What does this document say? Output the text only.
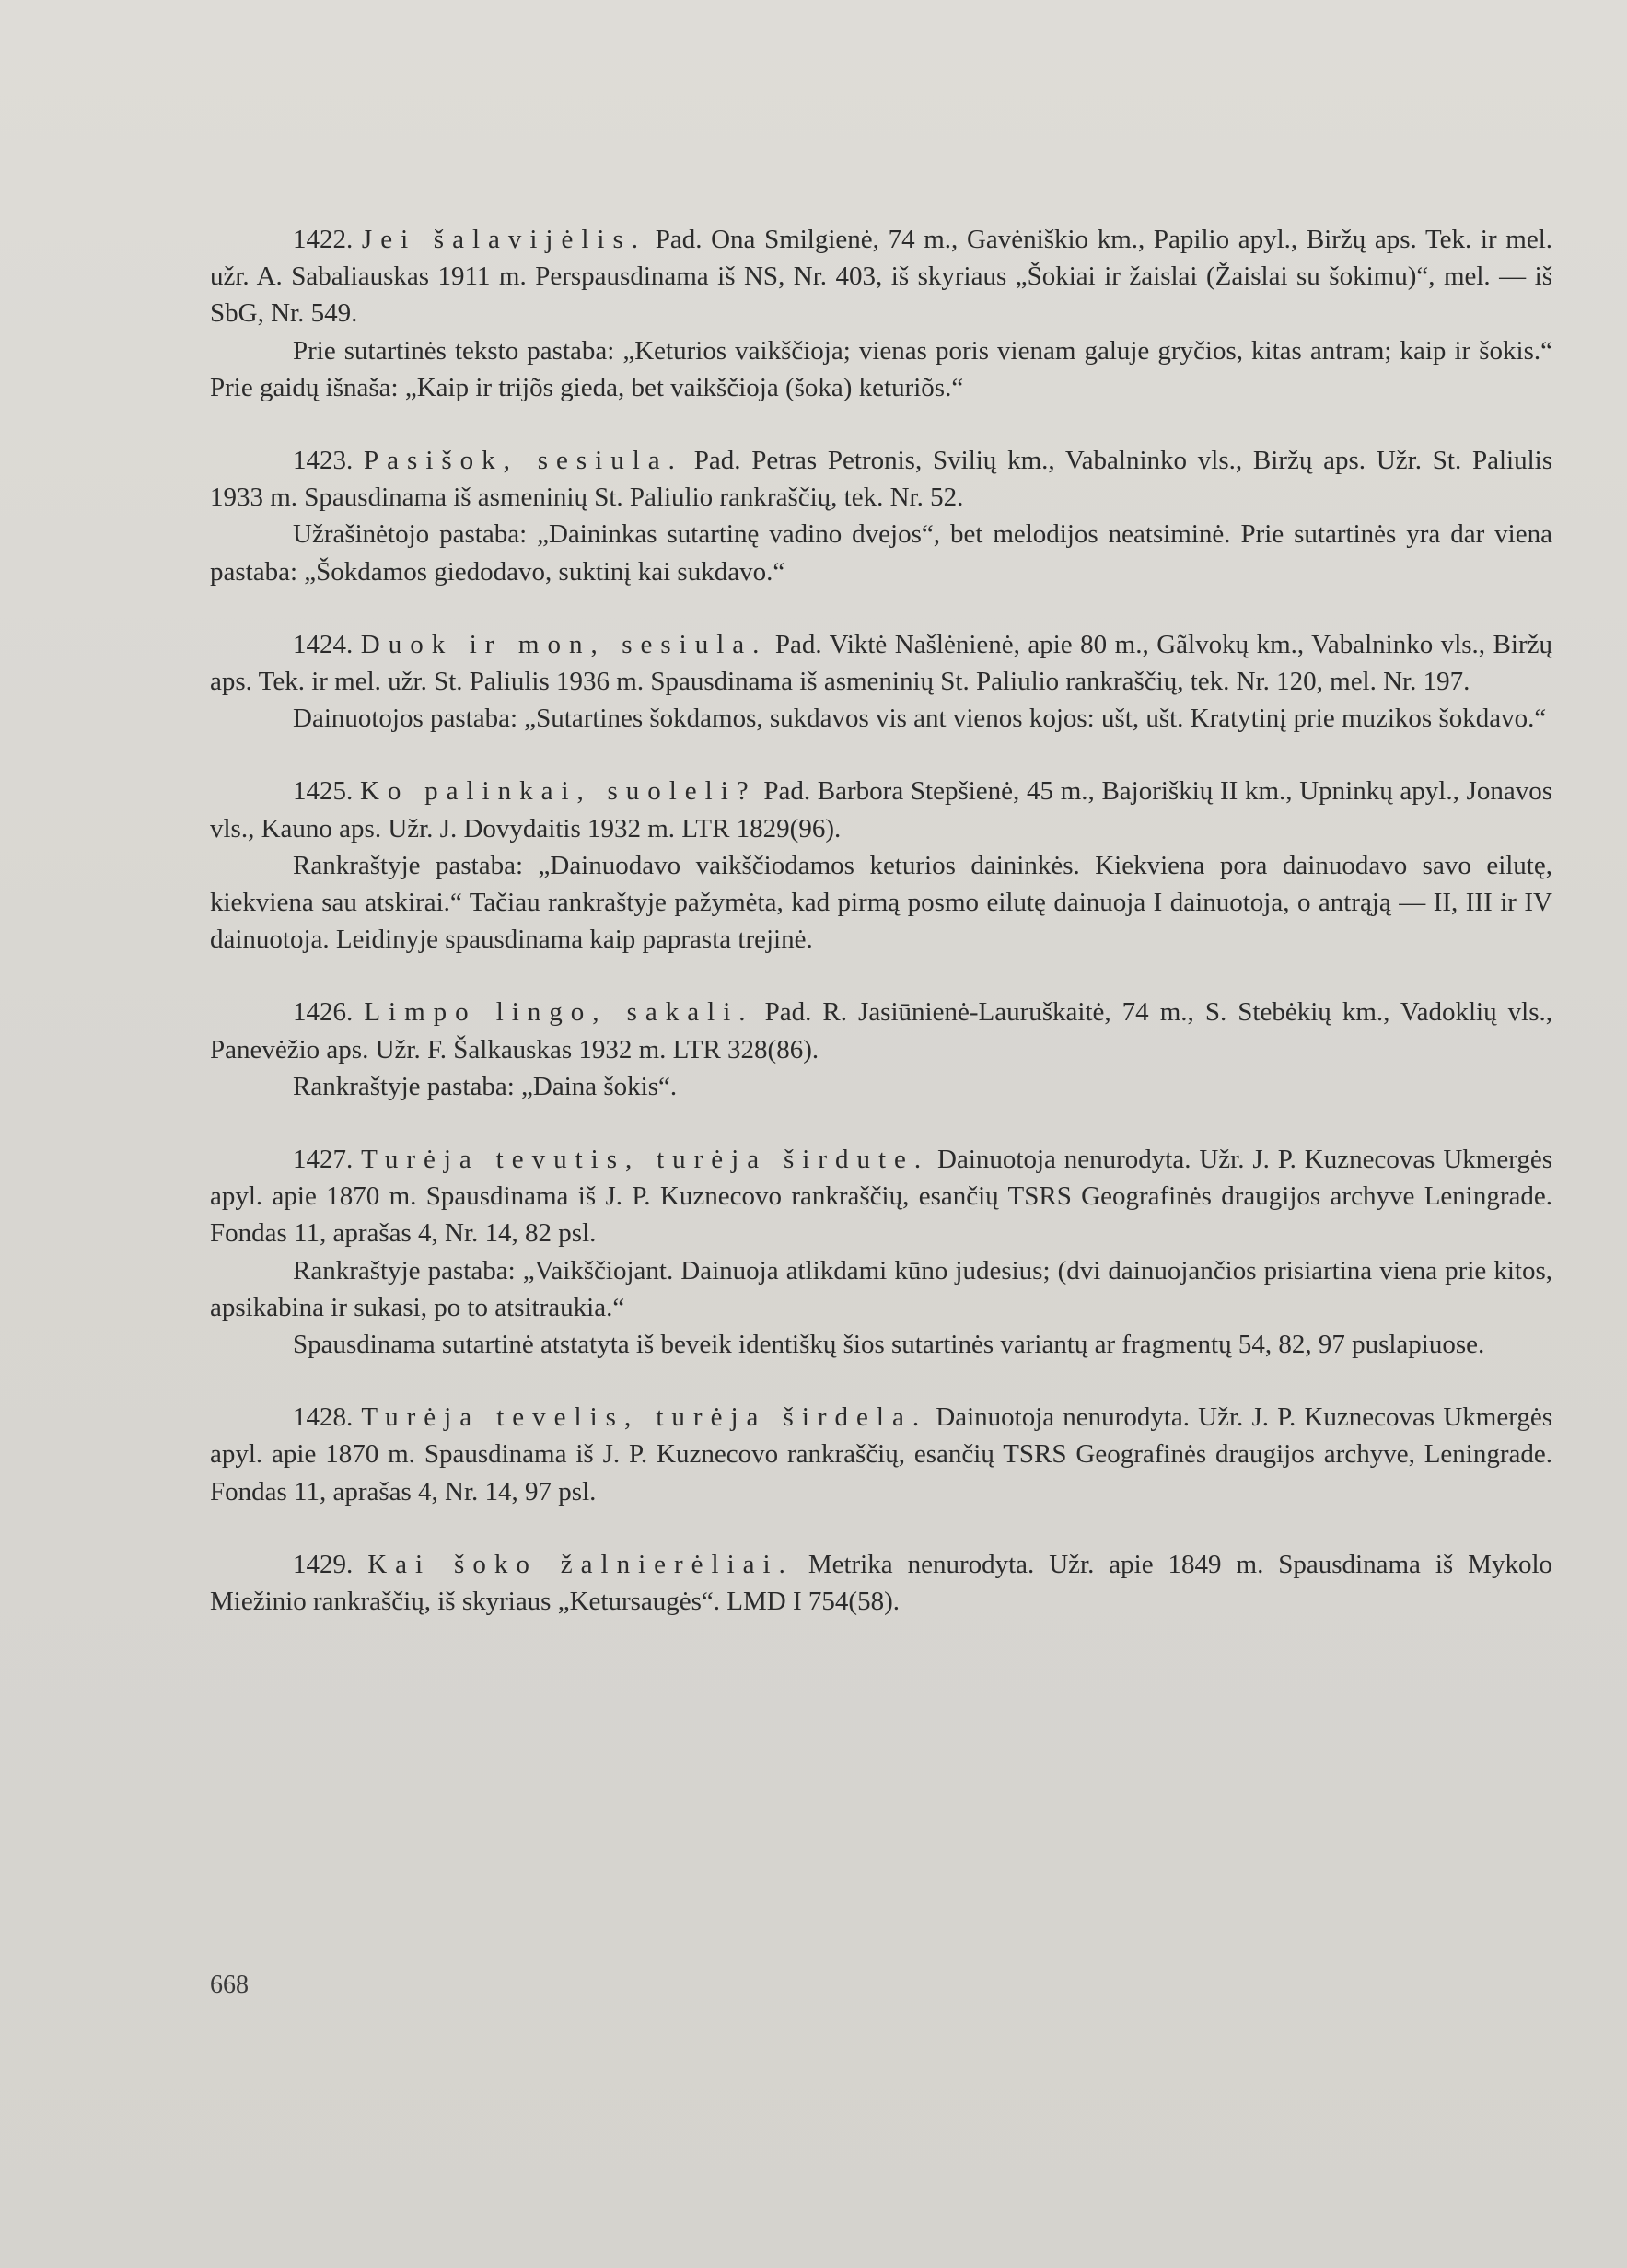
1422. Jei šalavijėlis. Pad. Ona Smilgienė, 74 m., Gavėniškio km., Papilio apyl., Biržų aps. Tek. ir mel. užr. A. Sabaliauskas 1911 m. Perspausdinama iš NS, Nr. 403, iš skyriaus „Šokiai ir žaislai (Žaislai su šokimu)“, mel. — iš SbG, Nr. 549.

Prie sutartinės teksto pastaba: „Keturios vaikščioja; vienas poris vienam galuje gryčios, kitas antram; kaip ir šokis.“ Prie gaidų išnaša: „Kaip ir trijõs gieda, bet vaikščioja (šoka) keturiõs.“

1423. Pasišok, sesiula. Pad. Petras Petronis, Svilių km., Vabalninko vls., Biržų aps. Užr. St. Paliulis 1933 m. Spausdinama iš asmeninių St. Paliulio rankraščių, tek. Nr. 52.

Užrašinėtojo pastaba: „Daininkas sutartinę vadino dvejos“, bet melodijos neatsiminė. Prie sutartinės yra dar viena pastaba: „Šokdamos giedodavo, suktinį kai sukdavo.“

1424. Duok ir mon, sesiula. Pad. Viktė Našlėnienė, apie 80 m., Gãlvokų km., Vabalninko vls., Biržų aps. Tek. ir mel. užr. St. Paliulis 1936 m. Spausdinama iš asmeninių St. Paliulio rankraščių, tek. Nr. 120, mel. Nr. 197.

Dainuotojos pastaba: „Sutartines šokdamos, sukdavos vis ant vienos kojos: ušt, ušt. Kratytinį prie muzikos šokdavo.“

1425. Ko palinkai, suoleli? Pad. Barbora Stepšienė, 45 m., Bajoriškių II km., Upninkų apyl., Jonavos vls., Kauno aps. Užr. J. Dovydaitis 1932 m. LTR 1829(96).

Rankraštyje pastaba: „Dainuodavo vaikščiodamos keturios daininkės. Kiekviena pora dainuodavo savo eilutę, kiekviena sau atskirai.“ Tačiau rankraštyje pažymėta, kad pirmą posmo eilutę dainuoja I dainuotoja, o antrąją — II, III ir IV dainuotoja. Leidinyje spausdinama kaip paprasta trejinė.

1426. Limpo lingo, sakali. Pad. R. Jasiūnienė-Lauruškaitė, 74 m., S. Stebėkių km., Vadoklių vls., Panevėžio aps. Užr. F. Šalkauskas 1932 m. LTR 328(86).

Rankraštyje pastaba: „Daina šokis“.

1427. Turėja tevutis, turėja širdute. Dainuotoja nenurodyta. Užr. J. P. Kuznecovas Ukmergės apyl. apie 1870 m. Spausdinama iš J. P. Kuznecovo rankraščių, esančių TSRS Geografinės draugijos archyve Leningrade. Fondas 11, aprašas 4, Nr. 14, 82 psl.

Rankraštyje pastaba: „Vaikščiojant. Dainuoja atlikdami kūno judesius; (dvi dainuojančios prisiartina viena prie kitos, apsikabina ir sukasi, po to atsitraukia.“

Spausdinama sutartinė atstatyta iš beveik identiškų šios sutartinės variantų ar fragmentų 54, 82, 97 puslapiuose.

1428. Turėja tevelis, turėja širdela. Dainuotoja nenurodyta. Užr. J. P. Kuznecovas Ukmergės apyl. apie 1870 m. Spausdinama iš J. P. Kuznecovo rankraščių, esančių TSRS Geografinės draugijos archyve, Leningrade. Fondas 11, aprašas 4, Nr. 14, 97 psl.

1429. Kai šoko žalnierėliai. Metrika nenurodyta. Užr. apie 1849 m. Spausdinama iš Mykolo Miežinio rankraščių, iš skyriaus „Ketursaugės“. LMD I 754(58).

668
